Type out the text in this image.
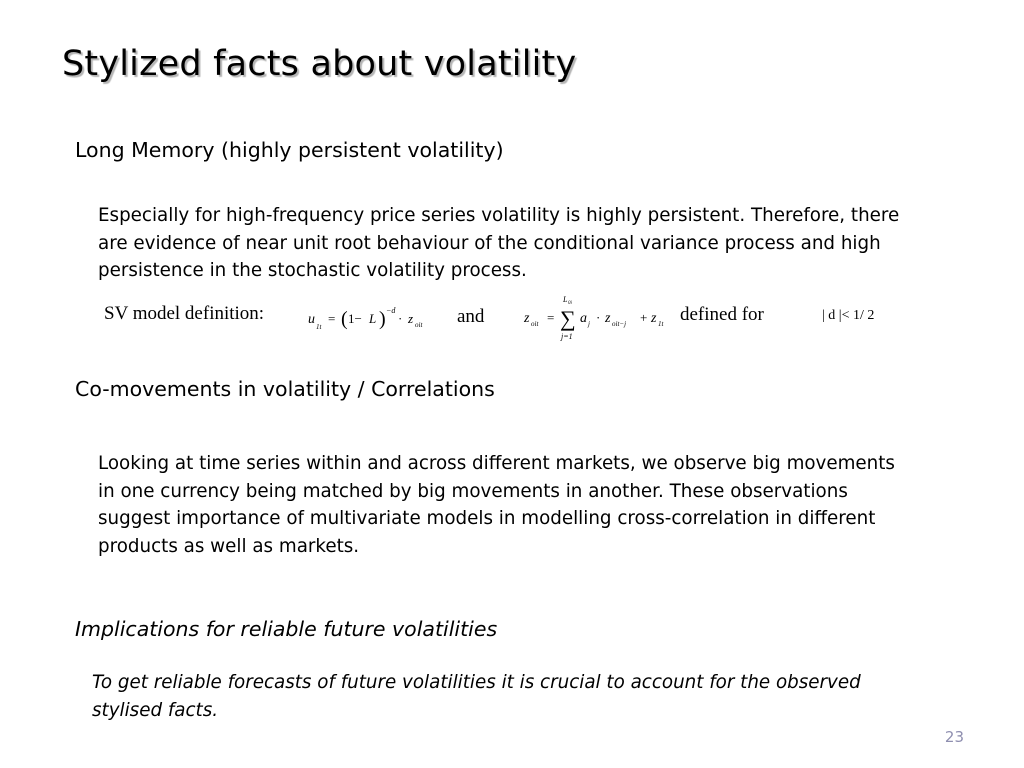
Stylized facts about volatility
Long Memory (highly persistent volatility)
Especially for high-frequency price series volatility is highly persistent. Therefore, there
are evidence of near unit root behaviour of the conditional variance process and high
persistence in the stochastic volatility process.
SV model definition:	u 1t
= ( 1− L ) −d
· z oit and	z oit = ∑
L 0i
j=1
a j · z oit−j + z 1t defined for	| d |< 1/ 2
Co-movements in volatility / Correlations
Looking at time series within and across different markets, we observe big movements
in one currency being matched by big movements in another. These observations
suggest importance of multivariate models in modelling cross-correlation in different
products as well as markets.
Implications for reliable future volatilities
To get reliable forecasts of future volatilities it is crucial to account for the observed
stylised facts.
23
